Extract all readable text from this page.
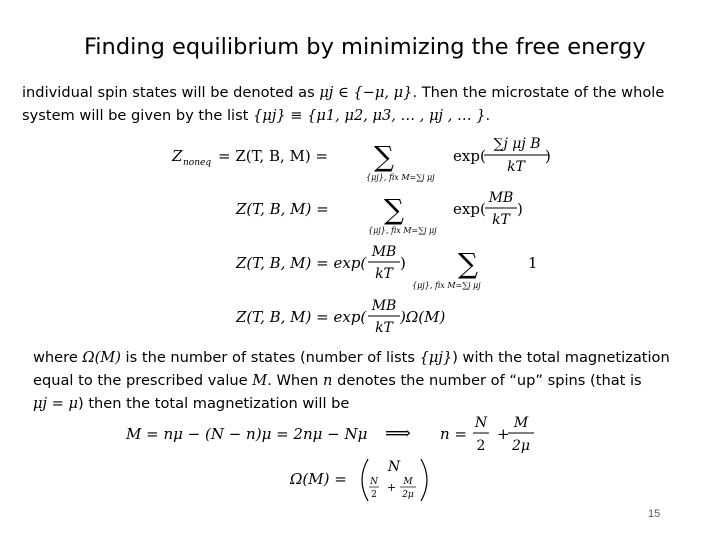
Finding equilibrium by minimizing the free energy
individual spin states will be denoted as μj ∈ {−μ, μ}. Then the microstate of the whole
system will be given by the list {μj} ≡ {μ1, μ2, μ3, … , μj , … }.
Z noneq = Z(T, B, M) = ∑
{μj}, fix M=∑j μj
exp(
∑j μj B
kT
)
Z(T, B, M) = ∑
{μj}, fix M=∑j μj
exp(
MB
kT
)
Z(T, B, M) = exp(
MB
kT
) ∑
{μj}, fix M=∑j μj
1
Z(T, B, M) = exp(
MB
kT
)Ω(M)
M = nμ − (N − n)μ = 2nμ − Nμ ⟹ n =
N
2
+
M
2μ
Ω(M) =
N
N
2
+ M
2μ
where Ω(M) is the number of states (number of lists {μj}) with the total magnetization
equal to the prescribed value M. When n denotes the number of “up” spins (that is
μj = μ) then the total magnetization will be
15
